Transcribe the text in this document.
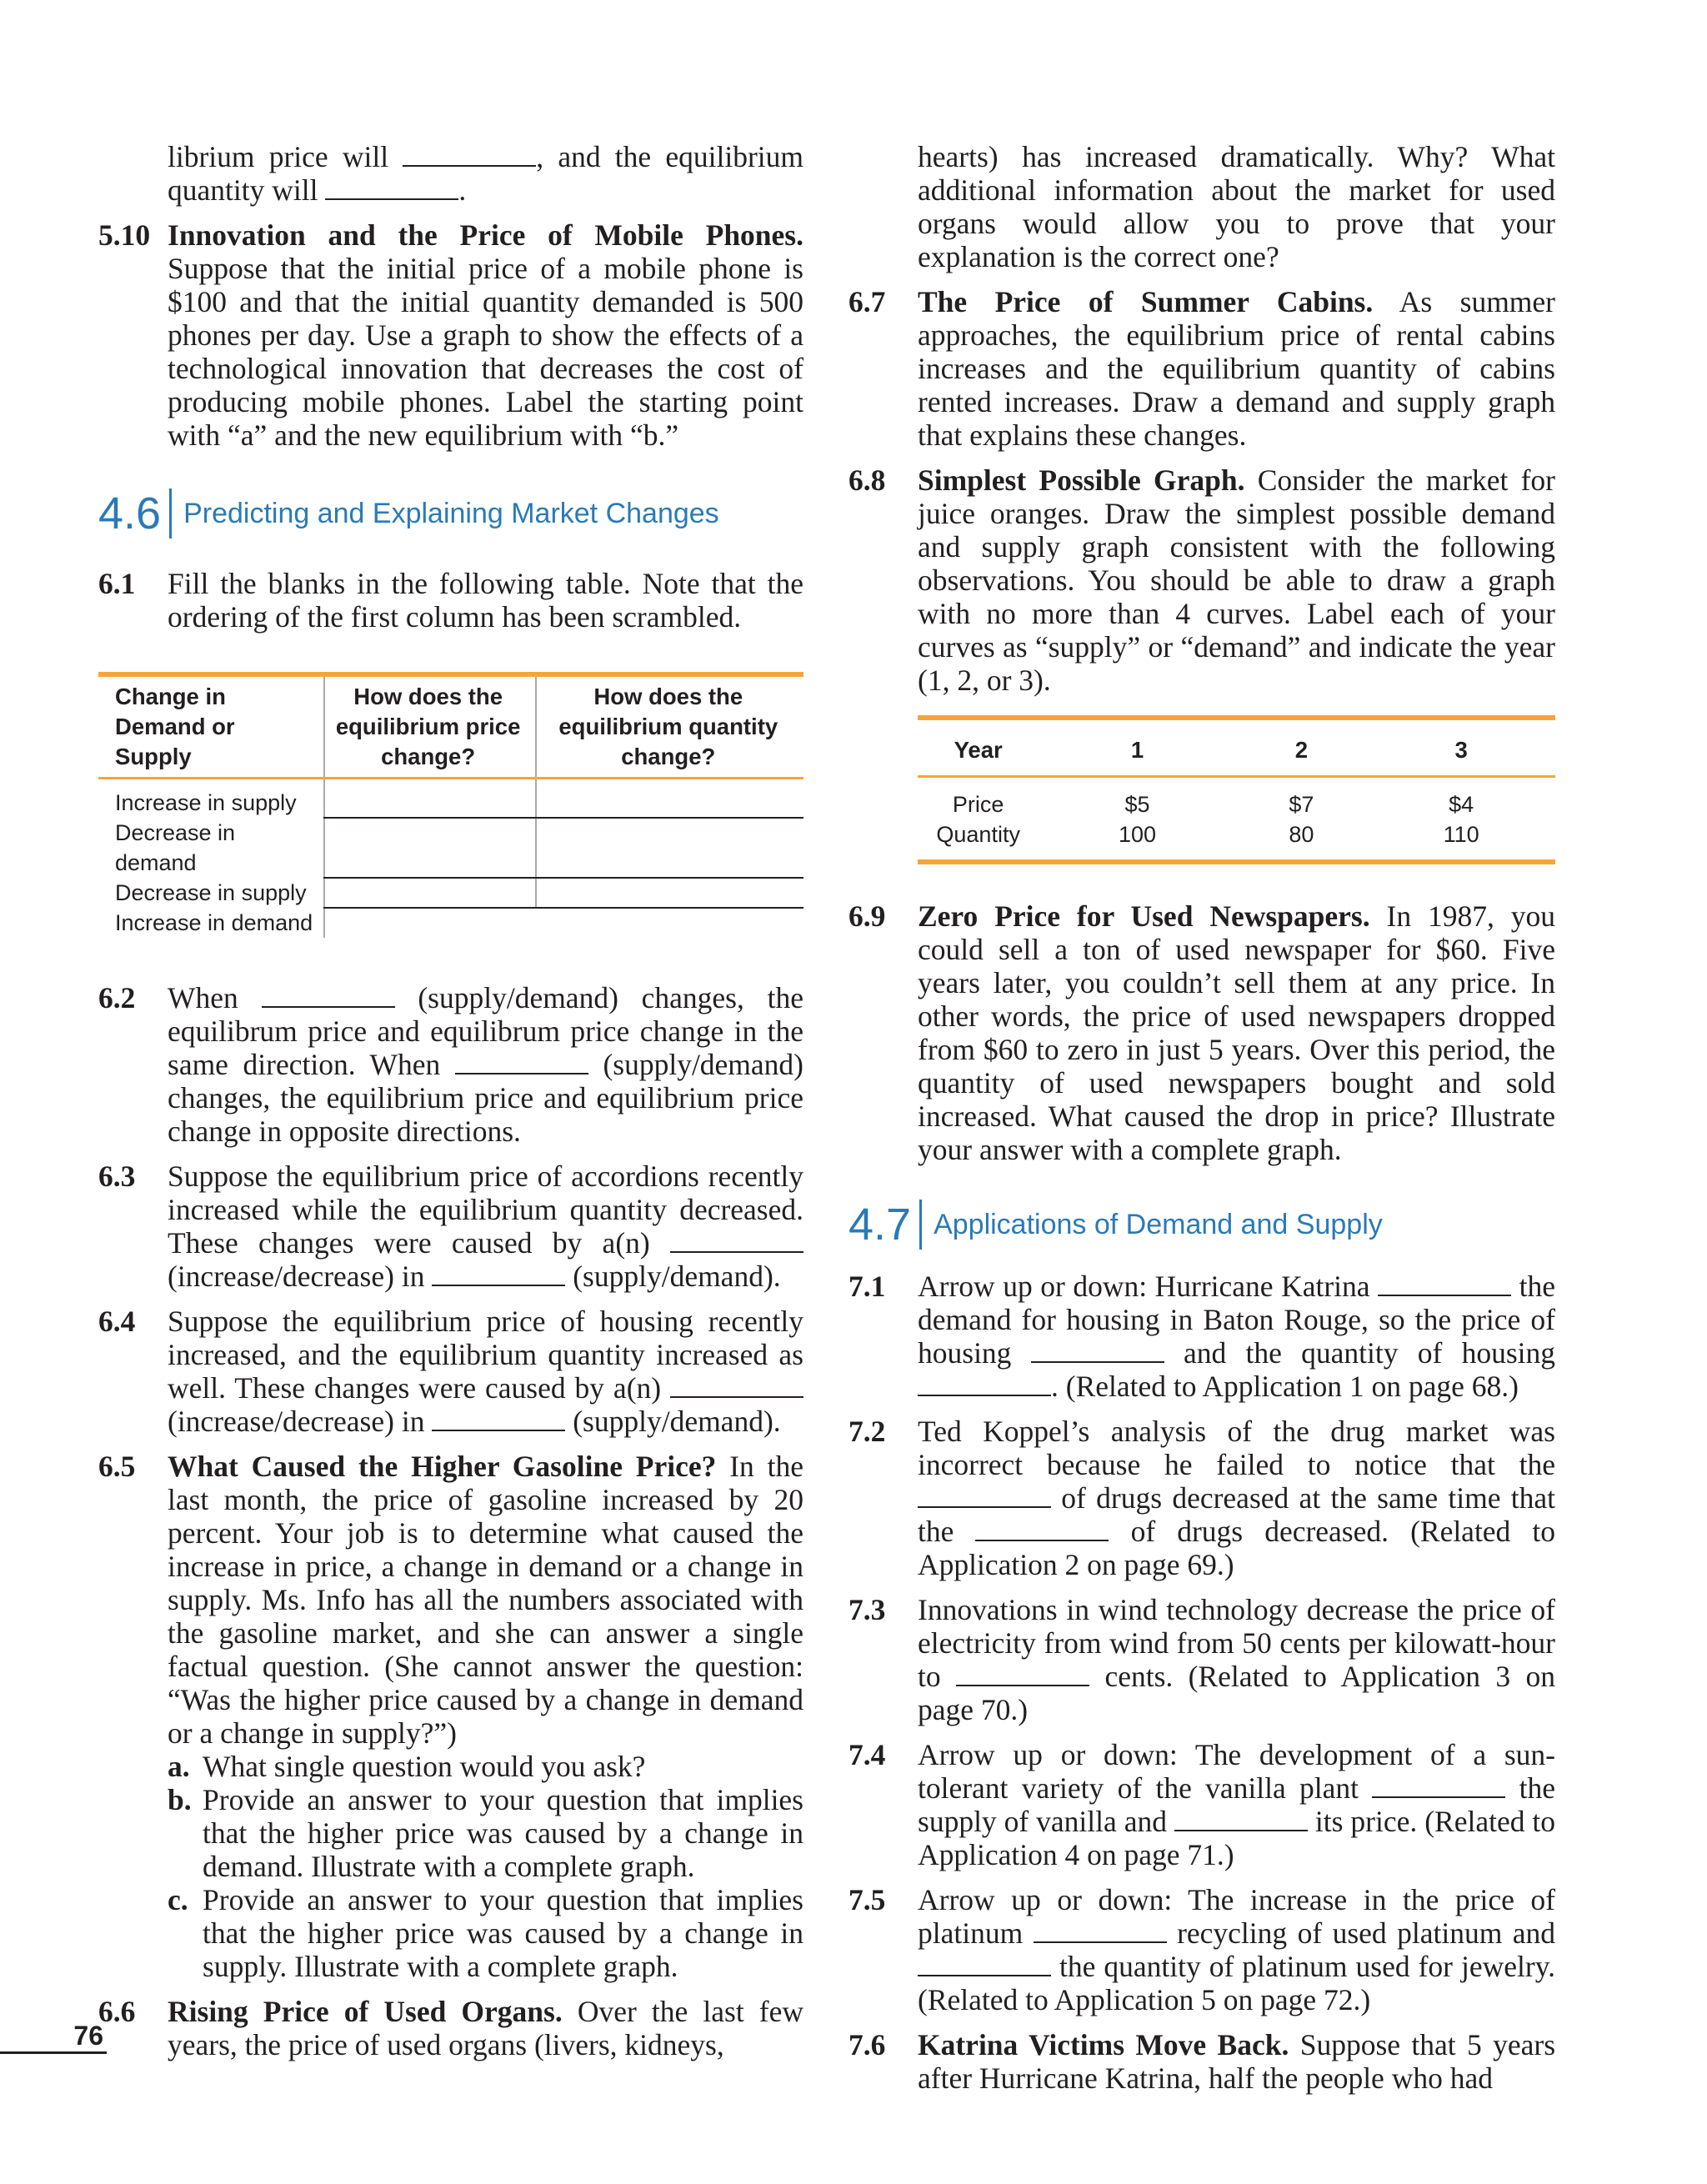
librium price will	, and the equilibrium quantity will	.
5.10 Innovation and the Price of Mobile Phones. Suppose that the initial price of a mobile phone is $100 and that the initial quantity demanded is 500 phones per day. Use a graph to show the effects of a technological innovation that decreases the cost of producing mobile phones. Label the starting point with “a” and the new equilibrium with “b.”
4.6 Predicting and Explaining Market Changes
6.1 Fill the blanks in the following table. Note that the ordering of the first column has been scrambled.
Change in Demand or Supply	How does the equilibrium price change?	How does the equilibrium quantity change?
Increase in supply		
Decrease in demand		
Decrease in supply		
Increase in demand		
6.2 When	(supply/demand) changes, the equilibrum price and equilibrum price change in the same direction. When	(supply/demand) changes, the equilibrium price and equilibrium price change in opposite directions.
6.3 Suppose the equilibrium price of accordions recently increased while the equilibrium quantity decreased. These changes were caused by a(n)  (increase/decrease) in	(supply/demand).
6.4 Suppose the equilibrium price of housing recently increased, and the equilibrium quantity increased as well. These changes were caused by a(n)  (increase/decrease) in	(supply/demand).
6.5 What Caused the Higher Gasoline Price? In the last month, the price of gasoline increased by 20 percent. Your job is to determine what caused the increase in price, a change in demand or a change in supply. Ms. Info has all the numbers associated with the gasoline market, and she can answer a single factual question. (She cannot answer the question: “Was the higher price caused by a change in demand or a change in supply?”)
a. What single question would you ask?
b. Provide an answer to your question that implies that the higher price was caused by a change in demand. Illustrate with a complete graph.
c. Provide an answer to your question that implies that the higher price was caused by a change in supply. Illustrate with a complete graph.
6.6 Rising Price of Used Organs. Over the last few years, the price of used organs (livers, kidneys,
hearts) has increased dramatically. Why? What additional information about the market for used organs would allow you to prove that your explanation is the correct one?
6.7 The Price of Summer Cabins. As summer approaches, the equilibrium price of rental cabins increases and the equilibrium quantity of cabins rented increases. Draw a demand and supply graph that explains these changes.
6.8 Simplest Possible Graph. Consider the market for juice oranges. Draw the simplest possible demand and supply graph consistent with the following observations. You should be able to draw a graph with no more than 4 curves. Label each of your curves as “supply” or “demand” and indicate the year (1, 2, or 3).
Year	1	2	3
Price	$5	$7	$4
Quantity	100	80	110
6.9 Zero Price for Used Newspapers. In 1987, you could sell a ton of used newspaper for $60. Five years later, you couldn’t sell them at any price. In other words, the price of used newspapers dropped from $60 to zero in just 5 years. Over this period, the quantity of used newspapers bought and sold increased. What caused the drop in price? Illustrate your answer with a complete graph.
4.7 Applications of Demand and Supply
7.1 Arrow up or down: Hurricane Katrina	the demand for housing in Baton Rouge, so the price of housing	and the quantity of housing . (Related to Application 1 on page 68.)
7.2 Ted Koppel’s analysis of the drug market was incorrect because he failed to notice that the  of drugs decreased at the same time that the	of drugs decreased. (Related to Application 2 on page 69.)
7.3 Innovations in wind technology decrease the price of electricity from wind from 50 cents per kilowatt-hour to	cents. (Related to Application 3 on page 70.)
7.4 Arrow up or down: The development of a sun-tolerant variety of the vanilla plant	the supply of vanilla and	its price. (Related to Application 4 on page 71.)
7.5 Arrow up or down: The increase in the price of platinum	recycling of used platinum and  the quantity of platinum used for jewelry. (Related to Application 5 on page 72.)
7.6 Katrina Victims Move Back. Suppose that 5 years after Hurricane Katrina, half the people who had
76
